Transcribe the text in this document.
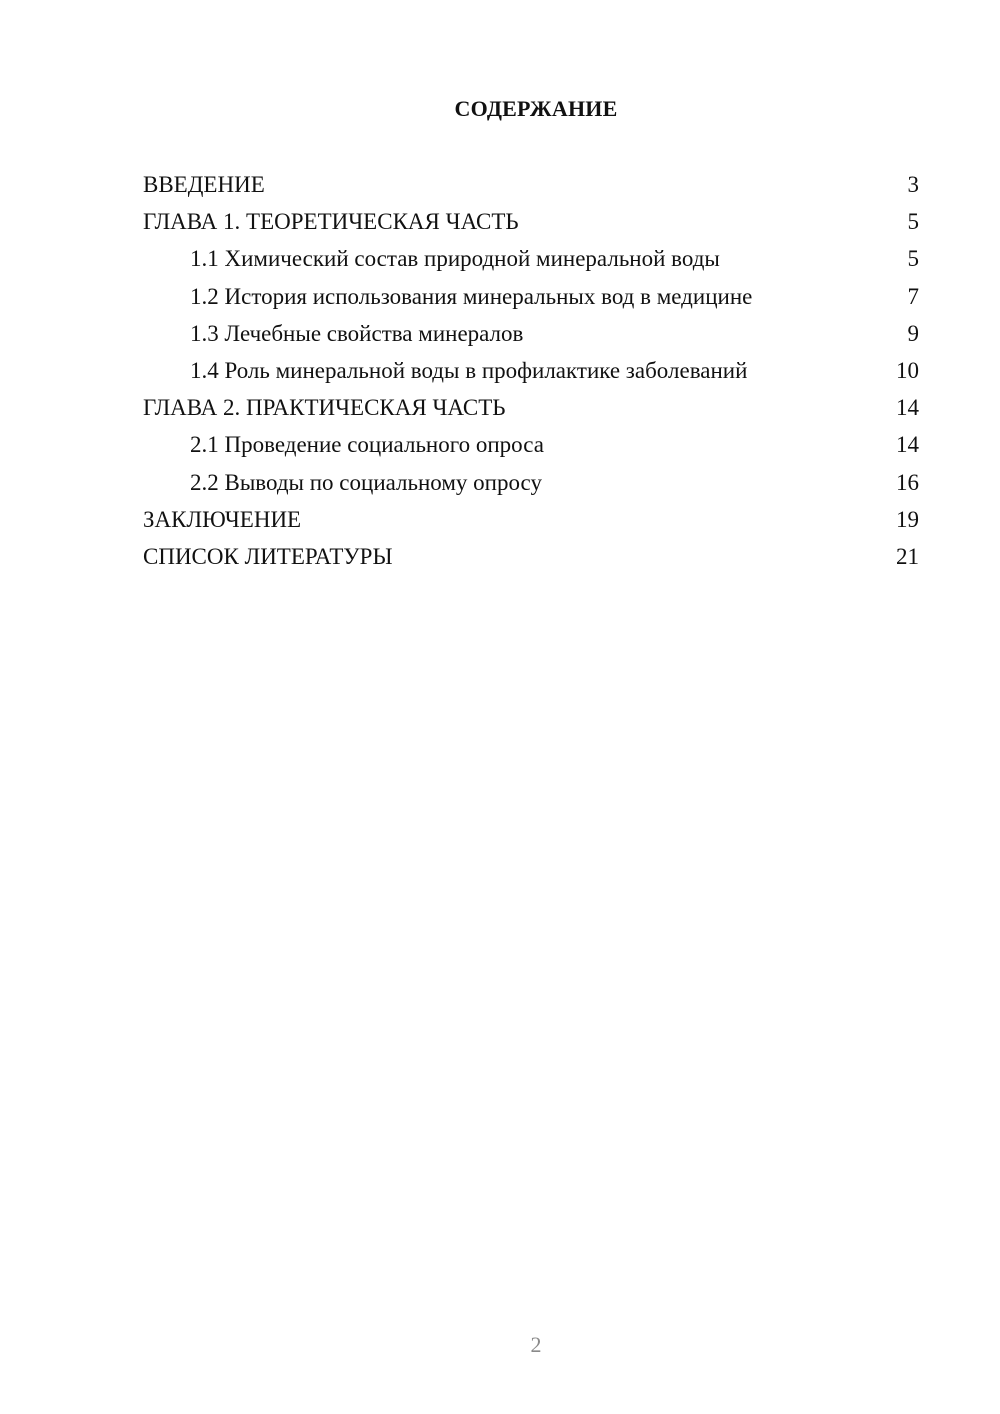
СОДЕРЖАНИЕ
ВВЕДЕНИЕ	3
ГЛАВА 1. ТЕОРЕТИЧЕСКАЯ ЧАСТЬ	5
1.1 Химический состав природной минеральной воды	5
1.2 История использования минеральных вод в медицине	7
1.3 Лечебные свойства минералов	9
1.4 Роль минеральной воды в профилактике заболеваний	10
ГЛАВА 2. ПРАКТИЧЕСКАЯ ЧАСТЬ	14
2.1 Проведение социального опроса	14
2.2 Выводы по социальному опросу	16
ЗАКЛЮЧЕНИЕ	19
СПИСОК ЛИТЕРАТУРЫ	21
2
